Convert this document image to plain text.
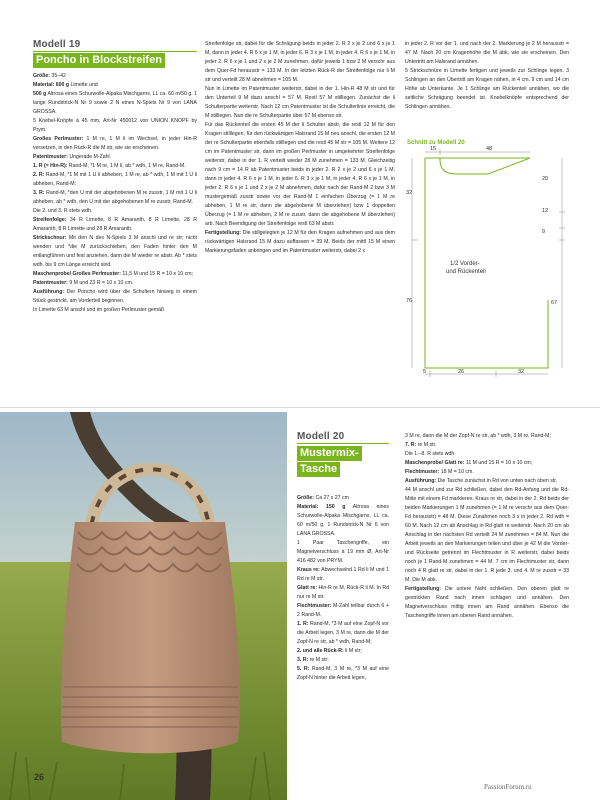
Modell 19
Poncho in Blockstreifen

Größe: 35–42

Material: 600 g Limette und

500 g Altrosa eines Schurwolle-Alpaka Mischgarns, LL ca. 60 m/50 g. 1 lange Rundstrick-N Nr 9 sowie 2 N eines N-Spiels Nr 9 von LANA GROSSA.

5 Knebel-Knöpfe à 45 mm, Art-Nr 450012 von UNION KNOPF by Prym.

Großes Perlmuster: 1 M re, 1 M li im Wechsel, in jeder Hin-R versetzen, in den Rück-R die M str, wie sie erscheinen.

Patentmuster: Ungerade M-Zahl

1. R (= Hin-R): Rand-M, *1 M re, 1 M li, ab * wdh, 1 M re, Rand-M.

2. R: Rand-M, *1 M mit 1 U li abheben, 1 M re, ab * wdh, 1 M mit 1 U li abheben, Rand-M;

3. R: Rand-M, *den U mit der abgehobenen M re zusstr, 1 M mit 1 U li abheben, ab * wdh, den U mit der abgehobenen M re zusstr, Rand-M.

Die 2. und 3. R stets wdh.

Streifenfolge: 34 R Limette, 8 R Amaranth, 8 R Limette, 28 R Amaranth, 8 R Limette und 28 R Amaranth.

Strickschnur: Mit den N des N-Spiels 3 M anschl und re str; nicht wenden und *die M zurückschieben, den Faden hinter den M entlangführen und fest anziehen, dann die M wieder re abstr. Ab * stets wdh. bis 9 cm Länge erreicht sind.

Maschenprobe/ Großes Perlmuster: 11,5 M und 15 R = 10 x 10 cm;

Patentmuster: 9 M und 23 R = 10 x 10 cm.

Ausführung: Der Poncho wird über die Schultern hinweg in einem Stück gestrickt, am Vorderteil beginnen.

In Limette 63 M anschl und im großen Perlmuster gemäß

Streifenfolge str, dabei für die Schrägung beids in jeder 2. R 2 x je 2 und 6 x je 1 M, dann in jeder 4. R 6 x je 1 M, in jeder 6. R 3 x je 1 M, in jeder 4. R 6 x je 1 M, in jeder 2. R 6 x je 1 und 2 x je 2 M zunehmen, dafür jeweils 1 bzw 2 M verschr aus dem Quer-Fd herausstr = 133 M. In der letzten Rück-R der Streifenfolge nur li M str und verteilt 28 M abnehmen = 105 M.

Nun in Limette im Patentmuster weiterstr, dabei in der 1. Hin-R 48 M str und für den Unterteil 9 M dazu anschl = 57 M. Restl 57 M stilllegen. Zunächst die li Schulterpartie weiterstr. Nach 12 cm Patentmuster ist die Schulterlinie erreicht, die M stilllegen. Nun die re Schulterpartie über 57 M ebenso str.

Für das Rückenteil die ersten 45 M der li Schulter abstr, die restl 12 M für den Kragen stilllegen, für den rückwärtigen Halsrand 15 M neu anschl, die ersten 12 M der re Schulterpartie ebenfalls stilllegen und die restl 45 M str = 105 M. Weitere 12 cm im Patentmuster str, dann im großen Perlmuster in umgekehrter Streifenfolge weiterstr, dabei in der 1. R verteilt wieder 28 M zunehmen = 133 M. Gleichzeitig nach 9 cm = 14 R ab Patentmuster beids in jeder 2. R 2 x je 2 und 6 x je 1 M, dann in jeder 4. R 6 x je 1 M, in jeder 6. R 3 x je 1 M, in jeder 4. R 6 x je 1 M, in jeder 2. R 6 x je 1 und 2 x je 2 M abnehmen, dafür nach der Rand-M 2 bzw 3 M mustergemäß zusstr sowie vor der Rand-M 1 einfachen Überzug (= 1 M re abheben, 1 M re str, dann die abgehobene M überziehen) bzw 1 doppelten Überzug (= 1 M re abheben, 2 M re zusstr, dann die abgehobene M überziehen) arb. Nach Beendigung der Streifenfolge restl 63 M abstr.

Fertigstellung: Die stillgelegten je 12 M für den Kragen aufnehmen und aus dem rückwärtigen Halsrand 15 M dazu auffassen = 39 M. Beids der mittl 15 M einen Markierungsfaden anbringen und im Patentmuster weiterstr, dabei 2 x

in jeder 2. R vor der 1. und nach der 2. Markierung je 2 M herausstr = 47 M. Nach 20 cm Kragenhöhe die M abk, wie sie erscheinen. Den Untertritt am Halsrand annähen.

5 Strickschnüre in Limette fertigen und jeweils zur Schlinge legen. 3 Schlingen an den Übertritt am Kragen nähen, in 4 cm, 9 cm und 14 cm Höhe ab Unterkante. Je 1 Schlinge am Rückenteil annähen, wo die seitliche Schrägung beendet ist. Knebelknöpfe entsprechend der Schlingen annähen.

Schnitt zu Modell 20
15	48
20
12
9
32
76	67
5	26	32
1/2 Vorder-
und Rückenteil
Modell 20
Mustermix-
Tasche

Größe: Ca 27 x 27 cm

Material: 150 g Altrosa eines Schurwolle-Alpaka Mischgarns, LL ca. 60 m/50 g. 1 Rundstrick-N Nr 6 von LANA GROSSA.

1 Paar Taschengriffe, ein Magnetverschluss à 19 mm Ø, Art-Nr 416 482 von PRYM.

Kraus re: Abwechselnd 1 Rd li M und 1 Rd re M str.

Glatt re: Hin-R re M, Rück-R li M. In Rd nur re M str.

Flechtmuster: M-Zahl teilbar durch 6 + 2 Rand-M.

1. R: Rand-M, *3 M auf eine Zopf-N vor die Arbeit legen, 3 M re, dann die M der Zopf-N re str, ab * wdh, Rand-M;

2. und alle Rück-R: li M str;

3. R: re M str;

5. R: Rand-M, 3 M re, *3 M auf eine Zopf-N hinter die Arbeit legen,

3 M re, dann die M der Zopf-N re str, ab * wdh, 3 M re, Rand-M;

7. R: re M str.

Die 1.–8. R stets wdh.

Maschenprobe/ Glatt re: 11 M und 15 R = 10 x 10 cm;

Flechtmuster: 18 M = 10 cm.

Ausführung: Die Tasche zunächst in Rd von unten nach oben str.

44 M anschl und zur Rd schließen, dabei den Rd-Anfang und die Rd-Mitte mit einem Fd markieren. Kraus re str, dabei in der 2. Rd beids der beiden Markierungen 1 M zunehmen (= 1 M re verschr aus dem Quer-Fd herausstr) = 48 M. Diese Zunahmen noch 3 x in jeder 2. Rd wdh = 60 M. Nach 12 cm ab Anschlag in Rd glatt re weiterstr. Nach 20 cm ab Anschlag in der nächsten Rd verteilt 24 M zunehmen = 84 M. Nun die Arbeit jeweils an den Markierungen teilen und über je 42 M die Vorder- und Rückseite getrennt im Flechtmuster in R weiterstr, dabei beids noch je 1 Rand-M zunehmen = 44 M. 7 cm im Flechtmuster str, dann noch 4 R glatt re str, dabei in der 1. R jede 3. und 4. M re zusstr = 33 M. Die M abk.

Fertigstellung: Die untere Naht schließen. Den oberen glatt re gestrickten Rand nach innen schlagen und annähen. Den Magnetverschluss mittig innen am Rand annähen. Ebenso die Taschengriffe innen am oberen Rand annähen.

26
PassionForum.ru
